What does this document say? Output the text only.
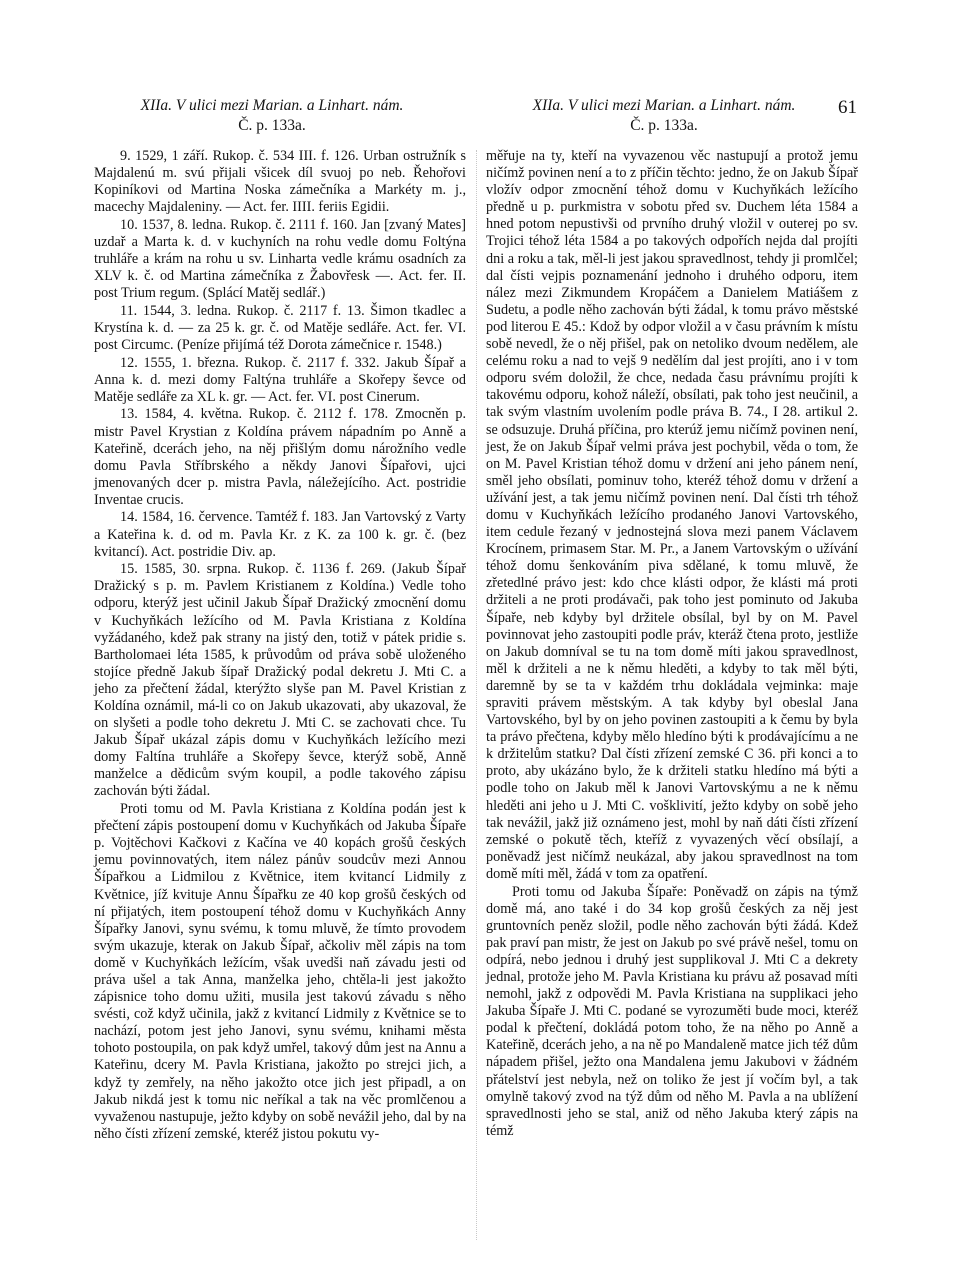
XIIa. V ulici mezi Marian. a Linhart. nám.
Č. p. 133a.
XIIa. V ulici mezi Marian. a Linhart. nám.
Č. p. 133a.
61

9. 1529, 1 září. Rukop. č. 534 III. f. 126. Urban ostružník s Majdalenú m. svú přijali všicek díl svuoj po neb. Řehořovi Kopiníkovi od Martina Noska zámečníka a Markéty m. j., macechy Majdaleniny. — Act. fer. IIII. feriis Egidii.

10. 1537, 8. ledna. Rukop. č. 2111 f. 160. Jan [zvaný Mates] uzdař a Marta k. d. v kuchyních na rohu vedle domu Foltýna truhláře a krám na rohu u sv. Linharta vedle krámu osadních za XLV k. č. od Martina zámečníka z Žabovřesk —. Act. fer. II. post Trium regum. (Splácí Matěj sedlář.)

11. 1544, 3. ledna. Rukop. č. 2117 f. 13. Šimon tkadlec a Krystína k. d. — za 25 k. gr. č. od Matěje sedláře. Act. fer. VI. post Circumc. (Peníze přijímá též Dorota zámečnice r. 1548.)

12. 1555, 1. března. Rukop. č. 2117 f. 332. Jakub Šípař a Anna k. d. mezi domy Faltýna truhláře a Skořepy ševce od Matěje sedláře za XL k. gr. — Act. fer. VI. post Cinerum.

13. 1584, 4. května. Rukop. č. 2112 f. 178. Zmocněn p. mistr Pavel Krystian z Koldína právem nápadním po Anně a Kateřině, dcerách jeho, na něj přišlým domu nárožního vedle domu Pavla Stříbrského a někdy Janovi Šípařovi, ujci jmenovaných dcer p. mistra Pavla, náležejícího. Act. postridie Inventae crucis.

14. 1584, 16. července. Tamtéž f. 183. Jan Vartovský z Varty a Kateřina k. d. od m. Pavla Kr. z K. za 100 k. gr. č. (bez kvitancí). Act. postridie Div. ap.

15. 1585, 30. srpna. Rukop. č. 1136 f. 269. (Jakub Šípař Dražický s p. m. Pavlem Kristianem z Koldína.) Vedle toho odporu, kterýž jest učinil Jakub Šípař Dražický zmocnění domu v Kuchyňkách ležícího od M. Pavla Kristiana z Koldína vyžádaného, kdež pak strany na jistý den, totiž v pátek pridie s. Bartholomaei léta 1585, k průvodům od práva sobě uloženého stojíce předně Jakub šípař Dražický podal dekretu J. Mti C. a jeho za přečtení žádal, kterýžto slyše pan M. Pavel Kristian z Koldína oznámil, má-li co on Jakub ukazovati, aby ukazoval, že on slyšeti a podle toho dekretu J. Mti C. se zachovati chce. Tu Jakub Šípař ukázal zápis domu v Kuchyňkách ležícího mezi domy Faltína truhláře a Skořepy ševce, kterýž sobě, Anně manželce a dědicům svým koupil, a podle takového zápisu zachován býti žádal.

Proti tomu od M. Pavla Kristiana z Koldína podán jest k přečtení zápis postoupení domu v Kuchyňkách od Jakuba Šípaře p. Vojtěchovi Kačkovi z Kačína ve 40 kopách grošů českých jemu povinnovatých, item nález pánův soudcův mezi Annou Šípařkou a Lidmilou z Květnice, item kvitancí Lidmily z Květnice, jíž kvituje Annu Šípařku ze 40 kop grošů českých od ní přijatých, item postoupení téhož domu v Kuchyňkách Anny Šípařky Janovi, synu svému, k tomu mluvě, že tímto provodem svým ukazuje, kterak on Jakub Šípař, ačkoliv měl zápis na tom domě v Kuchyňkách ležícím, však uvedši naň závadu jesti od práva ušel a tak Anna, manželka jeho, chtěla-li jest jakožto zápisnice toho domu užiti, musila jest takovú závadu s něho svésti, což když učinila, jakž z kvitancí Lidmily z Květnice se to nachází, potom jest jeho Janovi, synu svému, knihami města tohoto postoupila, on pak když umřel, takový dům jest na Annu a Kateřinu, dcery M. Pavla Kristiana, jakožto po strejci jich, a když ty zemřely, na něho jakožto otce jich jest připadl, a on Jakub nikdá jest k tomu nic neříkal a tak na věc promlčenou a vyvaženou nastupuje, ježto kdyby on sobě nevážil jeho, dal by na něho čísti zřízení zemské, kteréž jistou pokutu vy-

měřuje na ty, kteří na vyvazenou věc nastupují a protož jemu ničímž povinen není a to z příčin těchto: jedno, že on Jakub Šípař vložív odpor zmocnění téhož domu v Kuchyňkách ležícího předně u p. purkmistra v sobotu před sv. Duchem léta 1584 a hned potom nepustivši od prvního druhý vložil v outerej po sv. Trojici téhož léta 1584 a po takových odpořích nejda dal projíti dni a roku a tak, měl-li jest jakou spravedlnost, tehdy ji promlčel; dal čísti vejpis poznamenání jednoho i druhého odporu, item nález mezi Zikmundem Kropáčem a Danielem Matiášem z Sudetu, a podle něho zachován býti žádal, k tomu právo městské pod literou E 45.: Kdož by odpor vložil a v času právním k místu sobě nevedl, že o něj přišel, pak on netoliko dvoum nedělem, ale celému roku a nad to vejš 9 nedělím dal jest projíti, ano i v tom odporu svém doložil, že chce, nedada času právnímu projíti k takovému odporu, kohož náleží, obsílati, pak toho jest neučinil, a tak svým vlastním uvolením podle práva B. 74., I 28. artikul 2. se odsuzuje. Druhá příčina, pro kterúž jemu ničímž povinen není, jest, že on Jakub Šípař velmi práva jest pochybil, věda o tom, že on M. Pavel Kristian téhož domu v držení ani jeho pánem není, směl jeho obsílati, pominuv toho, kteréž téhož domu v držení a užívání jest, a tak jemu ničímž povinen není. Dal čísti trh téhož domu v Kuchyňkách ležícího prodaného Janovi Vartovského, item cedule řezaný v jednostejná slova mezi panem Václavem Krocínem, primasem Star. M. Pr., a Janem Vartovským o užívání téhož domu šenkováním piva sdělané, k tomu mluvě, že zřetedlné právo jest: kdo chce klásti odpor, že klásti má proti držiteli a ne proti prodávači, pak toho jest pominuto od Jakuba Šípaře, neb kdyby byl držitele obsílal, byl by on M. Pavel povinnovat jeho zastoupiti podle práv, kteráž čtena proto, jestliže on Jakub domníval se tu na tom domě míti jakou spravedlnost, měl k držiteli a ne k němu hleděti, a kdyby to tak měl býti, daremně by se ta v každém trhu dokládala vejminka: maje spraviti právem městským. A tak kdyby byl obeslal Jana Vartovského, byl by on jeho povinen zastoupiti a k čemu by byla ta právo přečtena, kdyby mělo hledíno býti k prodávajícímu a ne k držitelům statku? Dal čísti zřízení zemské C 36. při konci a to proto, aby ukázáno bylo, že k držiteli statku hledíno má býti a podle toho on Jakub měl k Janovi Vartovskýmu a ne k němu hleděti ani jeho u J. Mti C. vošklivití, ježto kdyby on sobě jeho tak nevážil, jakž již oznámeno jest, mohl by naň dáti čísti zřízení zemské o pokutě těch, kteříž z vyvazených věcí obsílají, a poněvadž jest ničímž neukázal, aby jakou spravedlnost na tom domě míti měl, žádá v tom za opatření.

Proti tomu od Jakuba Šípaře: Poněvadž on zápis na týmž domě má, ano také i do 34 kop grošů českých za něj jest gruntovních peněz složil, podle něho zachován býti žádá. Kdež pak praví pan mistr, že jest on Jakub po své právě nešel, tomu on odpírá, nebo jednou i druhý jest supplikoval J. Mti C a dekrety jednal, protože jeho M. Pavla Kristiana ku právu až posavad míti nemohl, jakž z odpovědi M. Pavla Kristiana na supplikaci jeho Jakuba Šípaře J. Mti C. podané se vyrozuměti bude moci, kteréž podal k přečtení, dokládá potom toho, že na něho po Anně a Kateřině, dcerách jeho, a na ně po Mandaleně matce jich též dům nápadem přišel, ježto ona Mandalena jemu Jakubovi v žádném přátelství jest nebyla, než on toliko že jest jí vočím byl, a tak omylně takový zvod na týž dům od něho M. Pavla a na ublížení spravedlnosti jeho se stal, aniž od něho Jakuba který zápis na témž
